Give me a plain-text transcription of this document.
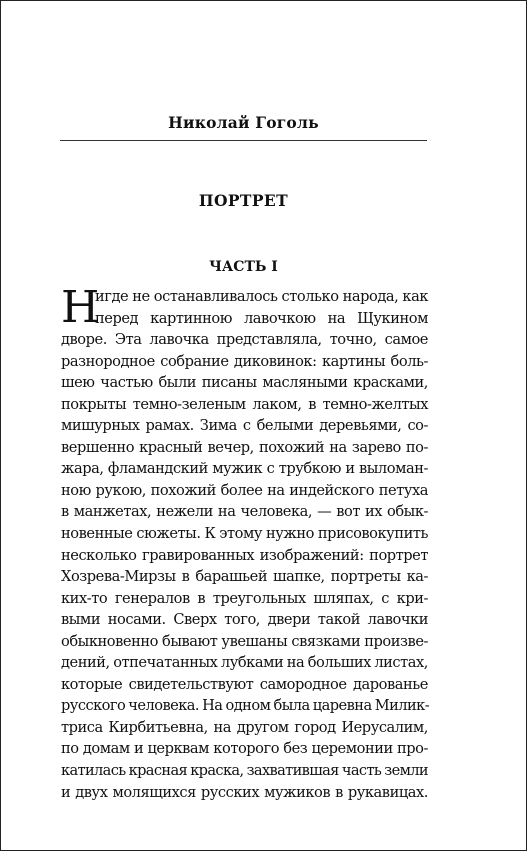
Николай Гоголь
ПОРТРЕТ
ЧАСТЬ I
Н
игде не останавливалось столько народа, как
перед картинною лавочкою на Щукином
дворе. Эта лавочка представляла, точно, самое
разнородное собрание диковинок: картины боль-
шею частью были писаны масляными красками,
покрыты темно-зеленым лаком, в темно-желтых
мишурных рамах. Зима с белыми деревьями, со-
вершенно красный вечер, похожий на зарево по-
жара, фламандский мужик с трубкою и выломан-
ною рукою, похожий более на индейского петуха
в манжетах, нежели на человека, — вот их обык-
новенные сюжеты. К этому нужно присовокупить
несколько гравированных изображений: портрет
Хозрева-Мирзы в барашьей шапке, портреты ка-
ких-то генералов в треугольных шляпах, с кри-
выми носами. Сверх того, двери такой лавочки
обыкновенно бывают увешаны связками произве-
дений, отпечатанных лубками на больших листах,
которые свидетельствуют самородное дарованье
русского человека. На одном была царевна Милик-
триса Кирбитьевна, на другом город Иерусалим,
по домам и церквам которого без церемонии про-
катилась красная краска, захватившая часть земли
и двух молящихся русских мужиков в рукавицах.
